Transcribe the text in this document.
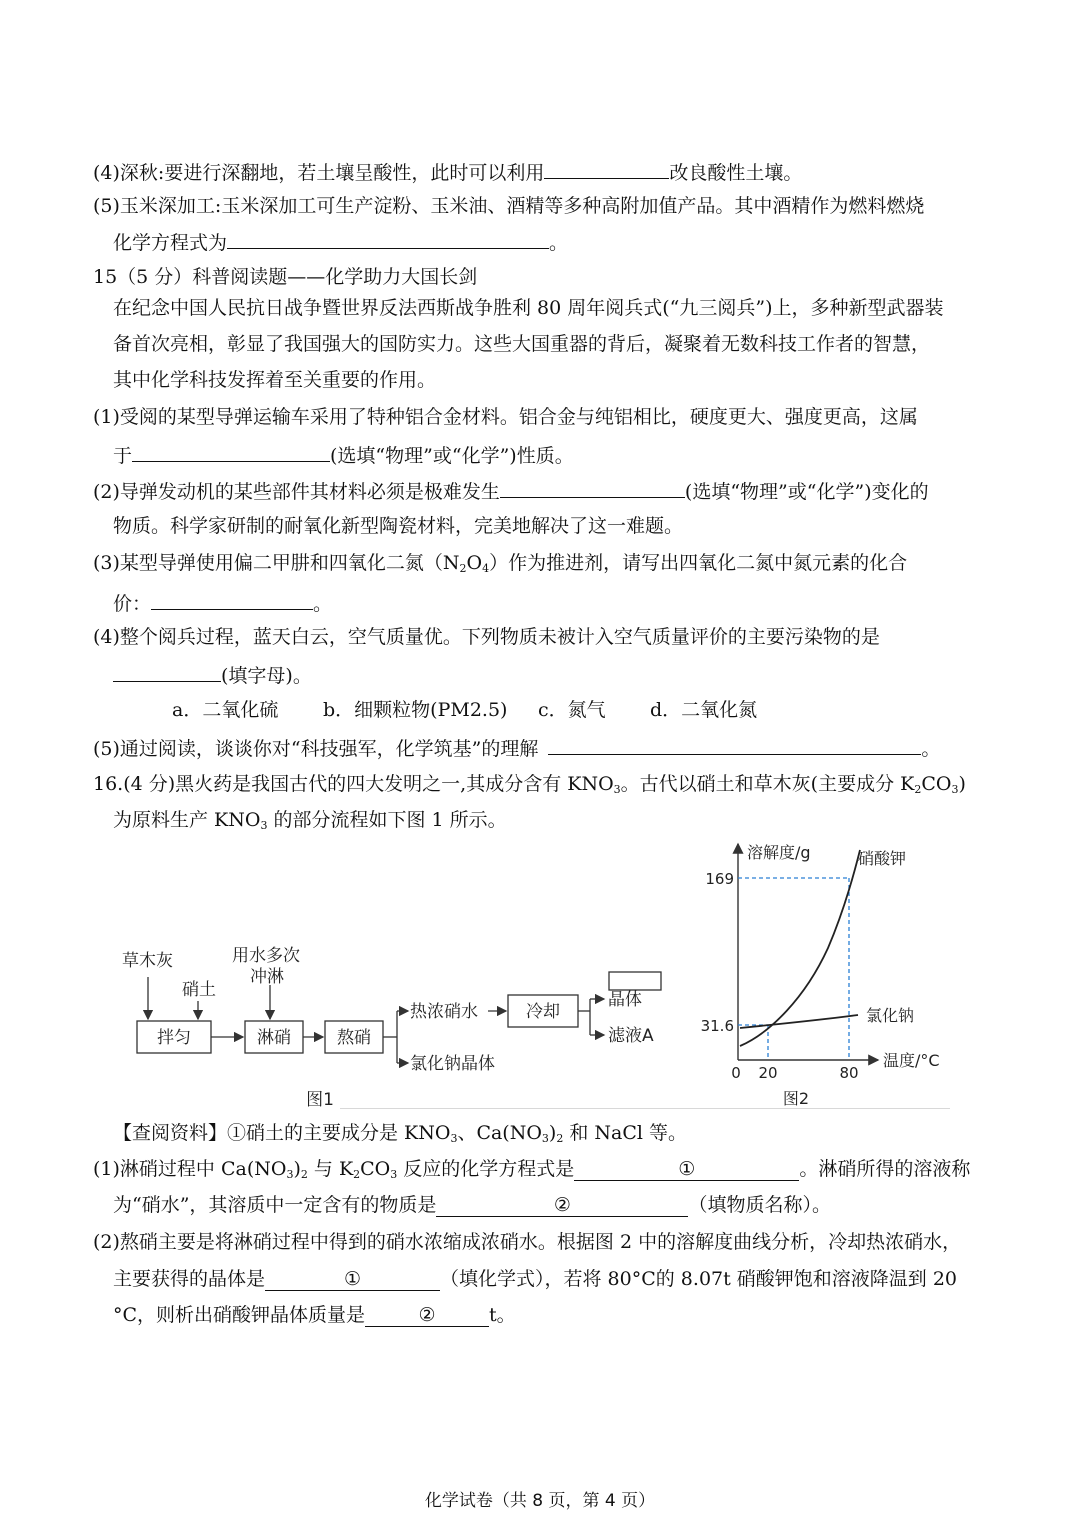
(4)深秋:要进行深翻地，若土壤呈酸性，此时可以利用	改良酸性土壤。
(5)玉米深加工:玉米深加工可生产淀粉、玉米油、酒精等多种高附加值产品。其中酒精作为燃料燃烧
化学方程式为	。
15（5 分）科普阅读题——化学助力大国长剑
在纪念中国人民抗日战争暨世界反法西斯战争胜利 80 周年阅兵式(“九三阅兵”)上，多种新型武器装
备首次亮相，彰显了我国强大的国防实力。这些大国重器的背后，凝聚着无数科技工作者的智慧，
其中化学科技发挥着至关重要的作用。
(1)受阅的某型导弹运输车采用了特种铝合金材料。铝合金与纯铝相比，硬度更大、强度更高，这属
于	(选填“物理”或“化学”)性质。
(2)导弹发动机的某些部件其材料必须是极难发生	(选填“物理”或“化学”)变化的
物质。科学家研制的耐氧化新型陶瓷材料，完美地解决了这一难题。
(3)某型导弹使用偏二甲肼和四氧化二氮$(N_2O_4)$作为推进剂，请写出四氧化二氮中氮元素的化合
价：	。
(4)整个阅兵过程，蓝天白云，空气质量优。下列物质未被计入空气质量评价的主要污染物的是
(填字母)。
a．二氧化硫 b．细颗粒物(PM2.5) c．氮气 d．二氧化氮
(5)通过阅读，谈谈你对“科技强军，化学筑基”的理解	。
16.(4 分)黑火药是我国古代的四大发明之一,其成分含有 $KNO_3$。古代以硝土和草木灰(主要成分 $K_2CO_3$)
为原料生产 $KNO_3$ 的部分流程如下图 1 所示。
草木灰
硝土
用水多次
冲淋
拌匀	淋硝	熬硝
热浓硝水	冷却
晶体
滤液A
氯化钠晶体
图1
溶解度/g	硝酸钾
氯化钠
温度/°C
169
31.6
0 20	80
图2
【查阅资料】①硝土的主要成分是 $KNO_3$、$Ca(NO_3)_2$ 和 NaCl 等。
(1)淋硝过程中 $Ca(NO_3)_2$ 与 $K_2CO_3$ 反应的化学方程式是	①	。淋硝所得的溶液称
为“硝水”，其溶质中一定含有的物质是	②	（填物质名称）。
(2)熬硝主要是将淋硝过程中得到的硝水浓缩成浓硝水。根据图 2 中的溶解度曲线分析，冷却热浓硝水，
主要获得的晶体是	①	（填化学式），若将 80°C的 8.07t 硝酸钾饱和溶液降温到 20
°C，则析出硝酸钾晶体质量是	②	t。
化学试卷（共 8 页，第 4 页）
